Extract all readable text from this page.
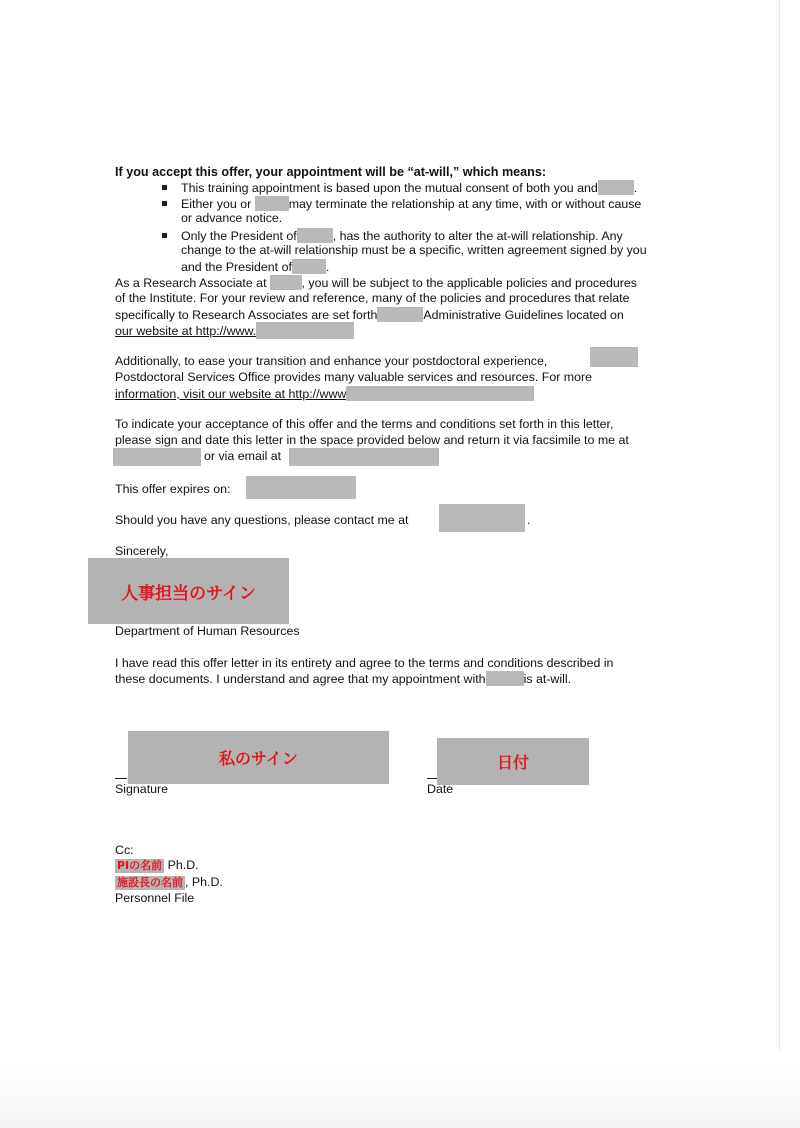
If you accept this offer, your appointment will be “at-will,” which means:
This training appointment is based upon the mutual consent of both you and	.
Either you or	may terminate the relationship at any time, with or without cause
or advance notice.
Only the President of	, has the authority to alter the at-will relationship. Any
change to the at-will relationship must be a specific, written agreement signed by you
and the President of	.
As a Research Associate at	, you will be subject to the applicable policies and procedures
of the Institute. For your review and reference, many of the policies and procedures that relate
specifically to Research Associates are set forth	Administrative Guidelines located on
our website at http://www.
Additionally, to ease your transition and enhance your postdoctoral experience,
Postdoctoral Services Office provides many valuable services and resources. For more
information, visit our website at http://www
To indicate your acceptance of this offer and the terms and conditions set forth in this letter,
please sign and date this letter in the space provided below and return it via facsimile to me at
or via email at
This offer expires on:
Should you have any questions, please contact me at	.
Sincerely,
人事担当のサイン
Department of Human Resources
I have read this offer letter in its entirety and agree to the terms and conditions described in
these documents. I understand and agree that my appointment with	is at-will.
私のサイン
Signature
日付
Date
Cc:
PIの名前 Ph.D.
施設長の名前 , Ph.D.
Personnel File
